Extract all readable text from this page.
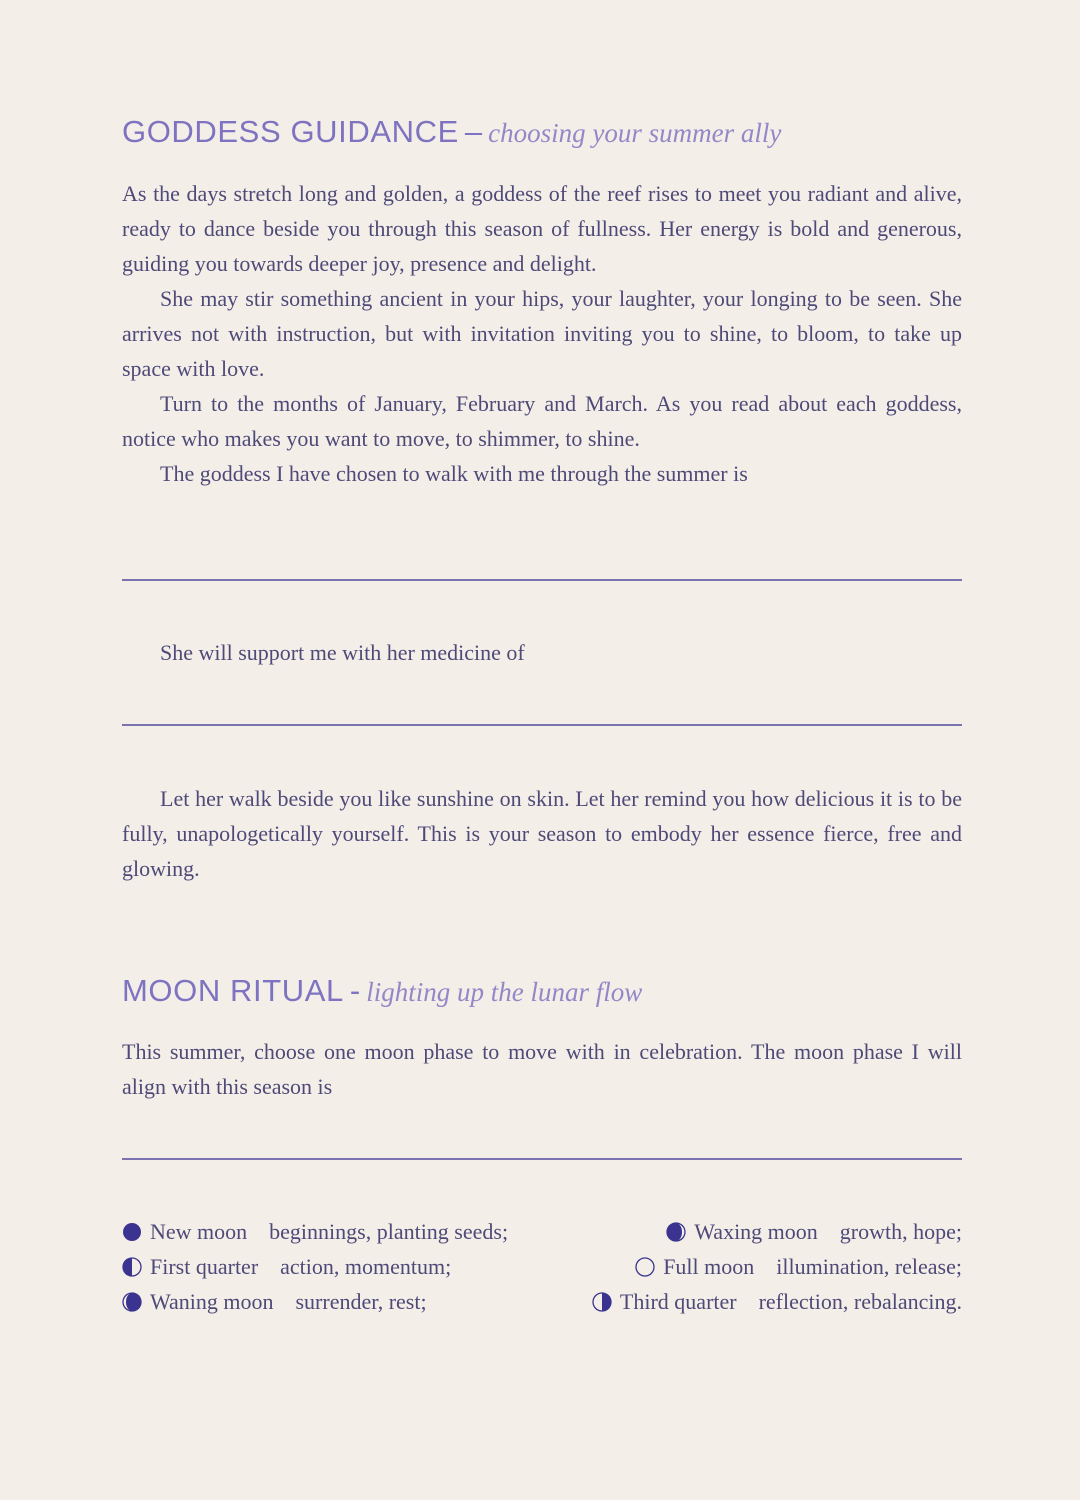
GODDESS GUIDANCE – choosing your summer ally

As the days stretch long and golden, a goddess of the reef rises to meet you radiant and alive, ready to dance beside you through this season of fullness. Her energy is bold and generous, guiding you towards deeper joy, presence and delight.

She may stir something ancient in your hips, your laughter, your longing to be seen. She arrives not with instruction, but with invitation inviting you to shine, to bloom, to take up space with love.

Turn to the months of January, February and March. As you read about each goddess, notice who makes you want to move, to shimmer, to shine.

The goddess I have chosen to walk with me through the summer is

She will support me with her medicine of

Let her walk beside you like sunshine on skin. Let her remind you how delicious it is to be fully, unapologetically yourself. This is your season to embody her essence fierce, free and glowing.

MOON RITUAL - lighting up the lunar flow

This summer, choose one moon phase to move with in celebration. The moon phase I will align with this season is

New moon beginnings, planting seeds;	Waxing moon growth, hope;
First quarter action, momentum;	Full moon illumination, release;
Waning moon surrender, rest;	Third quarter reflection, rebalancing.
